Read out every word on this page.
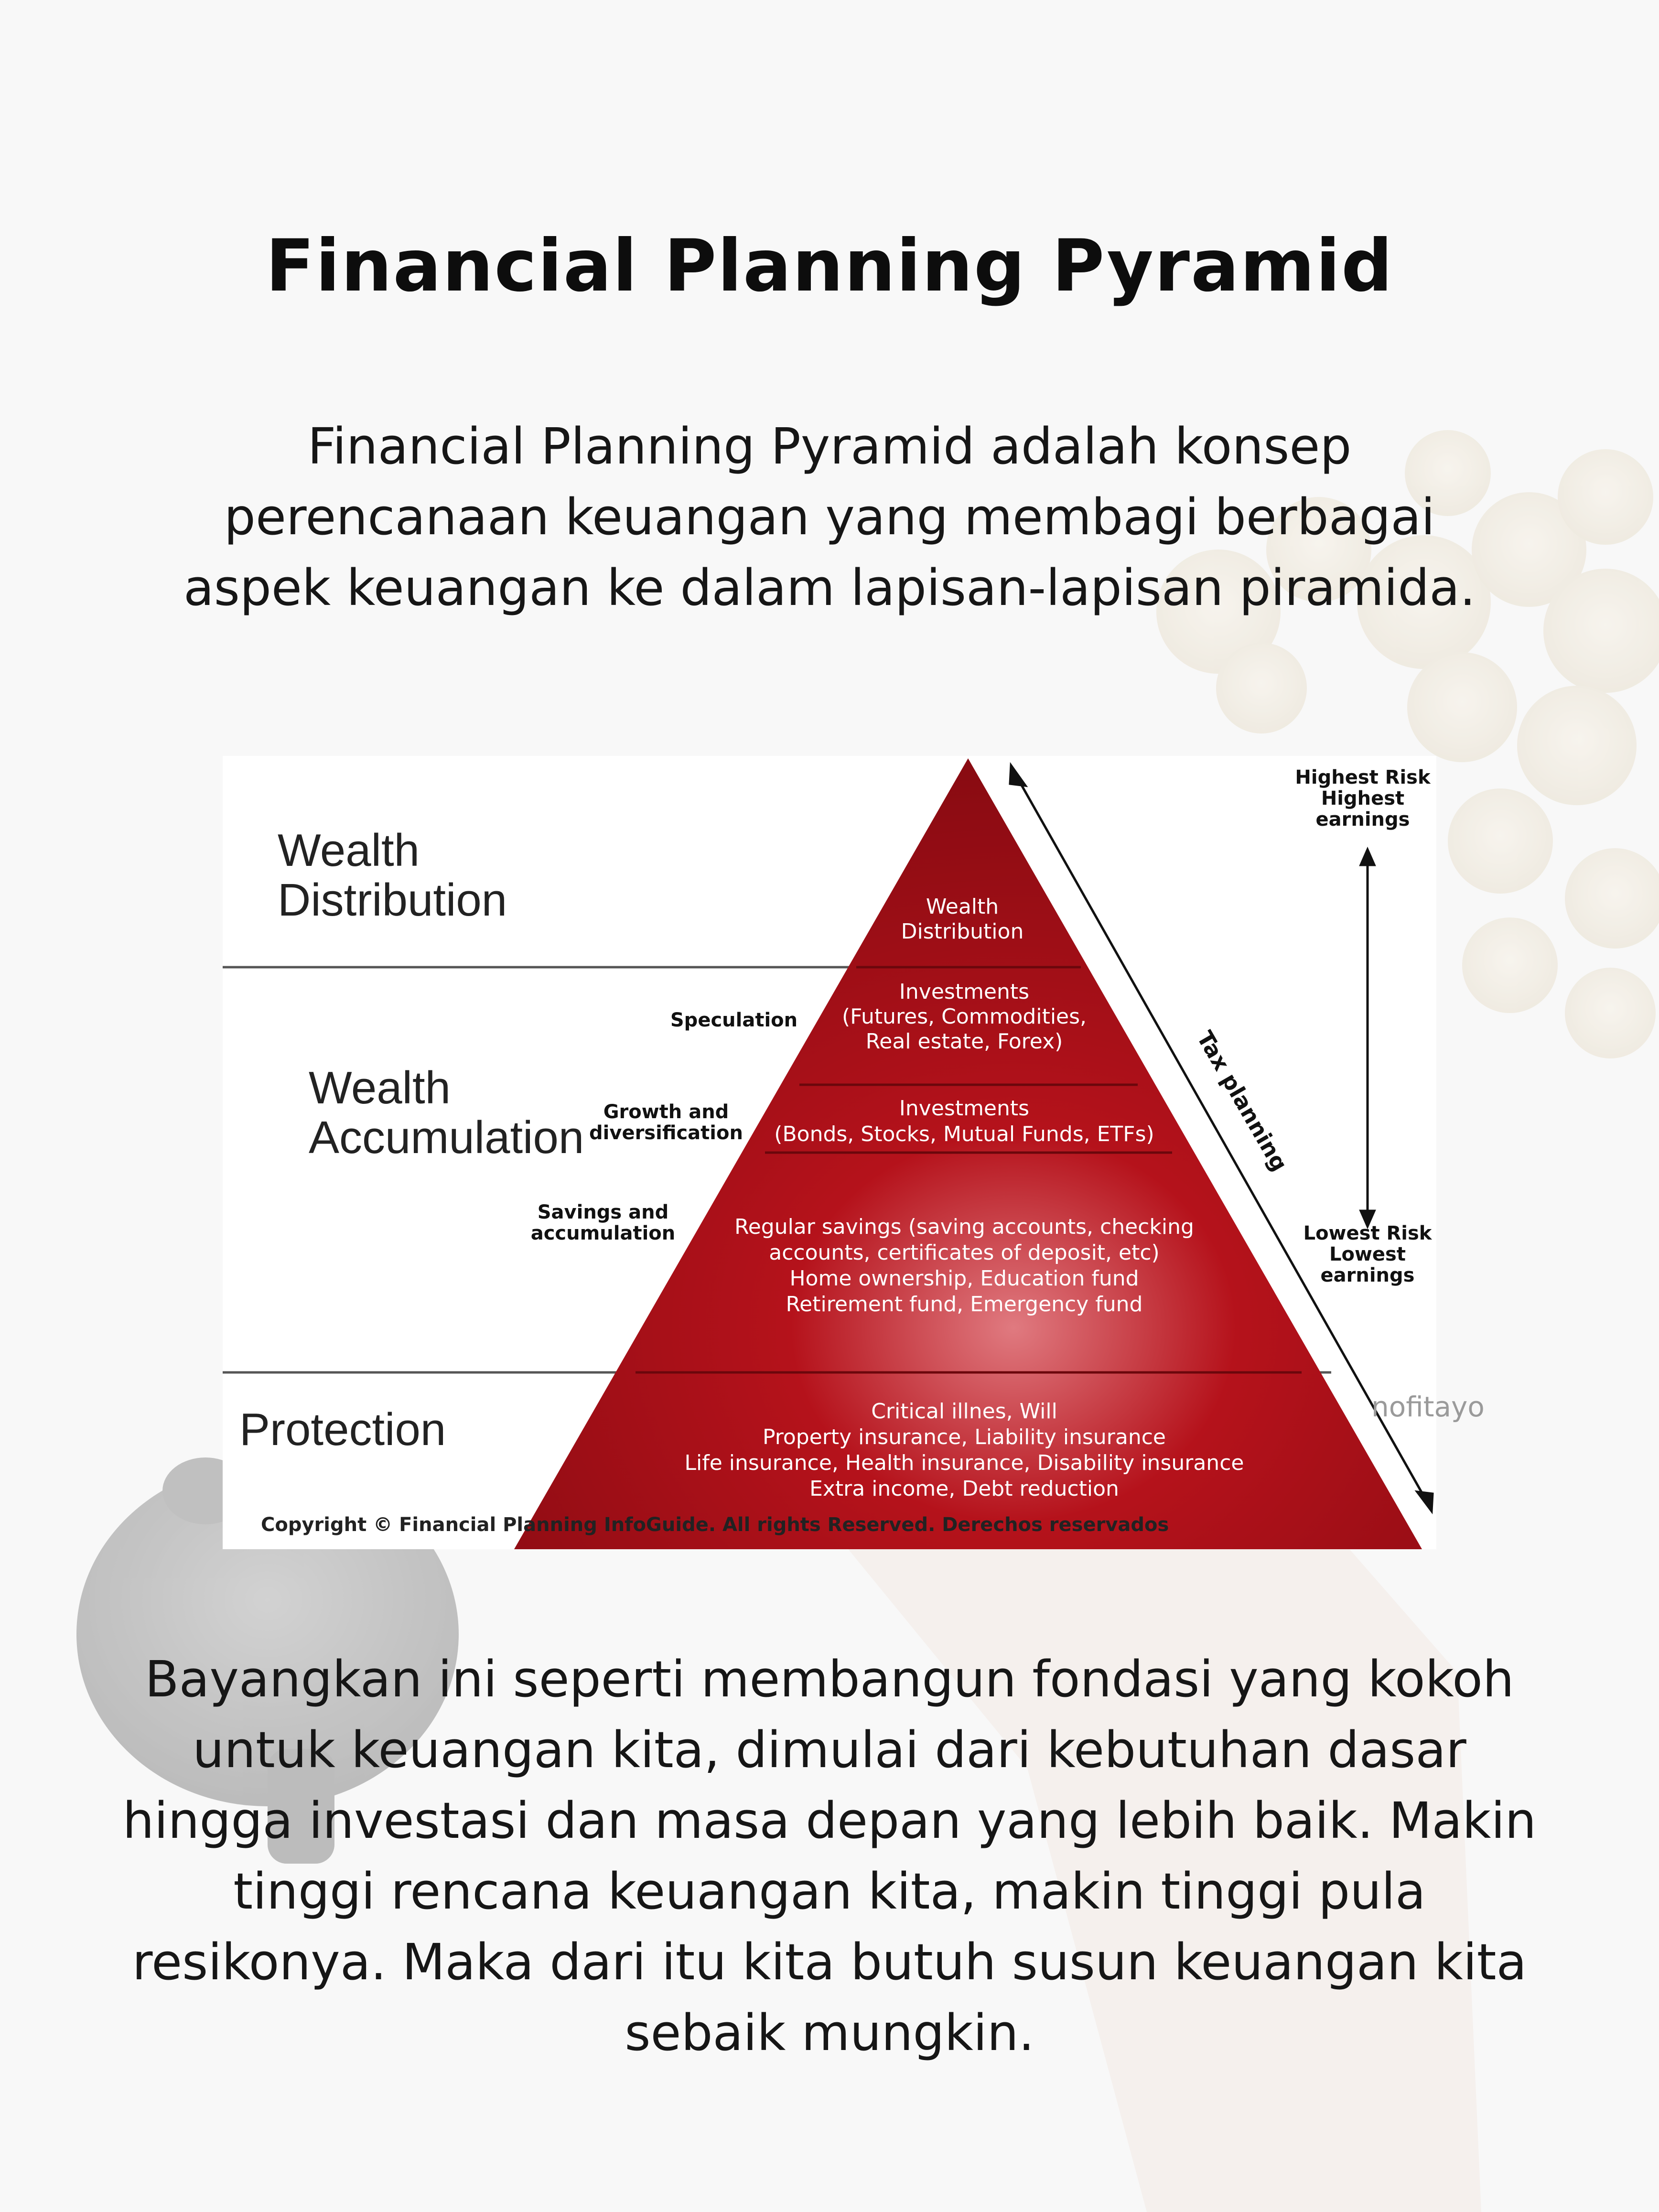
Financial Planning Pyramid
Financial Planning Pyramid adalah konsep perencanaan keuangan yang membagi berbagai aspek keuangan ke dalam lapisan-lapisan piramida.
Wealth
Distribution
Investments
(Futures, Commodities,
Real estate, Forex)
Investments
(Bonds, Stocks, Mutual Funds, ETFs)
Regular savings (saving accounts, checking
accounts, certificates of deposit, etc)
Home ownership, Education fund
Retirement fund, Emergency fund
Critical illnes, Will
Property insurance, Liability insurance
Life insurance, Health insurance, Disability insurance
Extra income, Debt reduction
Wealth
Distribution
Wealth
Accumulation
Protection
Speculation
Growth and
diversification
Savings and
accumulation
Highest Risk
Highest
earnings
Lowest Risk
Lowest
earnings
Tax planning
Copyright © Financial Planning InfoGuide. All rights Reserved. Derechos reservados
nofitayo
Bayangkan ini seperti membangun fondasi yang kokoh untuk keuangan kita, dimulai dari kebutuhan dasar hingga investasi dan masa depan yang lebih baik. Makin tinggi rencana keuangan kita, makin tinggi pula resikonya. Maka dari itu kita butuh susun keuangan kita sebaik mungkin.
